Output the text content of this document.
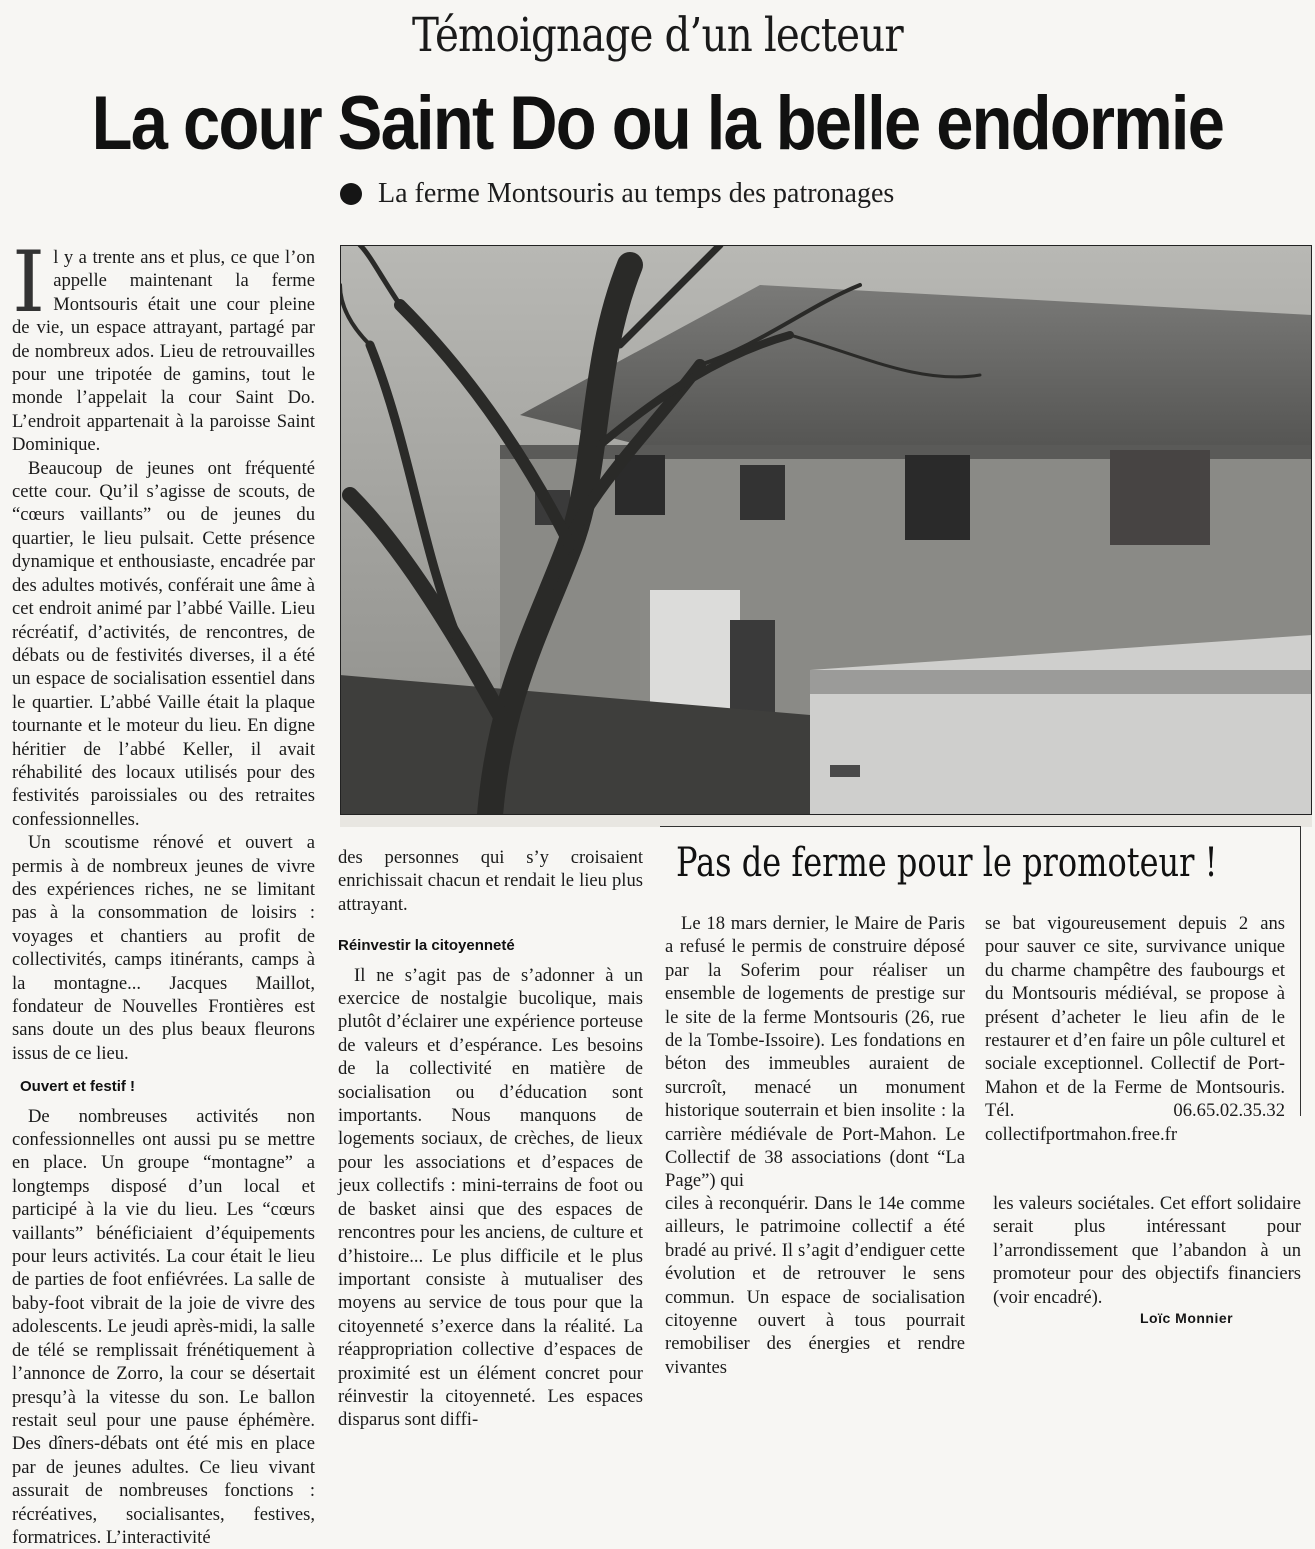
Témoignage d’un lecteur
La cour Saint Do ou la belle endormie
La ferme Montsouris au temps des patronages
I l y a trente ans et plus, ce que l’on appelle maintenant la ferme Montsouris était une cour pleine de vie, un espace attrayant, partagé par de nombreux ados. Lieu de retrouvailles pour une tripotée de gamins, tout le monde l’appelait la cour Saint Do. L’endroit appartenait à la paroisse Saint Dominique.

Beaucoup de jeunes ont fréquenté cette cour. Qu’il s’agisse de scouts, de “cœurs vaillants” ou de jeunes du quartier, le lieu pulsait. Cette présence dynamique et enthousiaste, encadrée par des adultes motivés, conférait une âme à cet endroit animé par l’abbé Vaille. Lieu récréatif, d’activités, de rencontres, de débats ou de festivités diverses, il a été un espace de socialisation essentiel dans le quartier. L’abbé Vaille était la plaque tournante et le moteur du lieu. En digne héritier de l’abbé Keller, il avait réhabilité des locaux utilisés pour des festivités paroissiales ou des retraites confessionnelles.

Un scoutisme rénové et ouvert a permis à de nombreux jeunes de vivre des expériences riches, ne se limitant pas à la consommation de loisirs : voyages et chantiers au profit de collectivités, camps itinérants, camps à la montagne... Jacques Maillot, fondateur de Nouvelles Frontières est sans doute un des plus beaux fleurons issus de ce lieu.

Ouvert et festif !

De nombreuses activités non confessionnelles ont aussi pu se mettre en place. Un groupe “montagne” a longtemps disposé d’un local et participé à la vie du lieu. Les “cœurs vaillants” bénéficiaient d’équipements pour leurs activités. La cour était le lieu de parties de foot enfiévrées. La salle de baby-foot vibrait de la joie de vivre des adolescents. Le jeudi après-midi, la salle de télé se remplissait frénétiquement à l’annonce de Zorro, la cour se désertait presqu’à la vitesse du son. Le ballon restait seul pour une pause éphémère. Des dîners-débats ont été mis en place par de jeunes adultes. Ce lieu vivant assurait de nombreuses fonctions : récréatives, socialisantes, festives, formatrices. L’interactivité

des personnes qui s’y croisaient enrichissait chacun et rendait le lieu plus attrayant.

Réinvestir la citoyenneté

Il ne s’agit pas de s’adonner à un exercice de nostalgie bucolique, mais plutôt d’éclairer une expérience porteuse de valeurs et d’espérance. Les besoins de la collectivité en matière de socialisation ou d’éducation sont importants. Nous manquons de logements sociaux, de crèches, de lieux pour les associations et d’espaces de jeux collectifs : mini-terrains de foot ou de basket ainsi que des espaces de rencontres pour les anciens, de culture et d’histoire... Le plus difficile et le plus important consiste à mutualiser des moyens au service de tous pour que la citoyenneté s’exerce dans la réalité. La réappropriation collective d’espaces de proximité est un élément concret pour réinvestir la citoyenneté. Les espaces disparus sont diffi-

Pas de ferme pour le promoteur !

Le 18 mars dernier, le Maire de Paris a refusé le permis de construire déposé par la Soferim pour réaliser un ensemble de logements de prestige sur le site de la ferme Montsouris (26, rue de la Tombe-Issoire). Les fondations en béton des immeubles auraient de surcroît, menacé un monument historique souterrain et bien insolite : la carrière médiévale de Port-Mahon. Le Collectif de 38 associations (dont “La Page”) qui

se bat vigoureusement depuis 2 ans pour sauver ce site, survivance unique du charme champêtre des faubourgs et du Montsouris médiéval, se propose à présent d’acheter le lieu afin de le restaurer et d’en faire un pôle culturel et sociale exceptionnel. Collectif de Port-Mahon et de la Ferme de Montsouris. Tél. 06.65.02.35.32 collectifportmahon.free.fr

ciles à reconquérir. Dans le 14e comme ailleurs, le patrimoine collectif a été bradé au privé. Il s’agit d’endiguer cette évolution et de retrouver le sens commun. Un espace de socialisation citoyenne ouvert à tous pourrait remobiliser des énergies et rendre vivantes

les valeurs sociétales. Cet effort solidaire serait plus intéressant pour l’arrondissement que l’abandon à un promoteur pour des objectifs financiers (voir encadré).

Loïc Monnier
